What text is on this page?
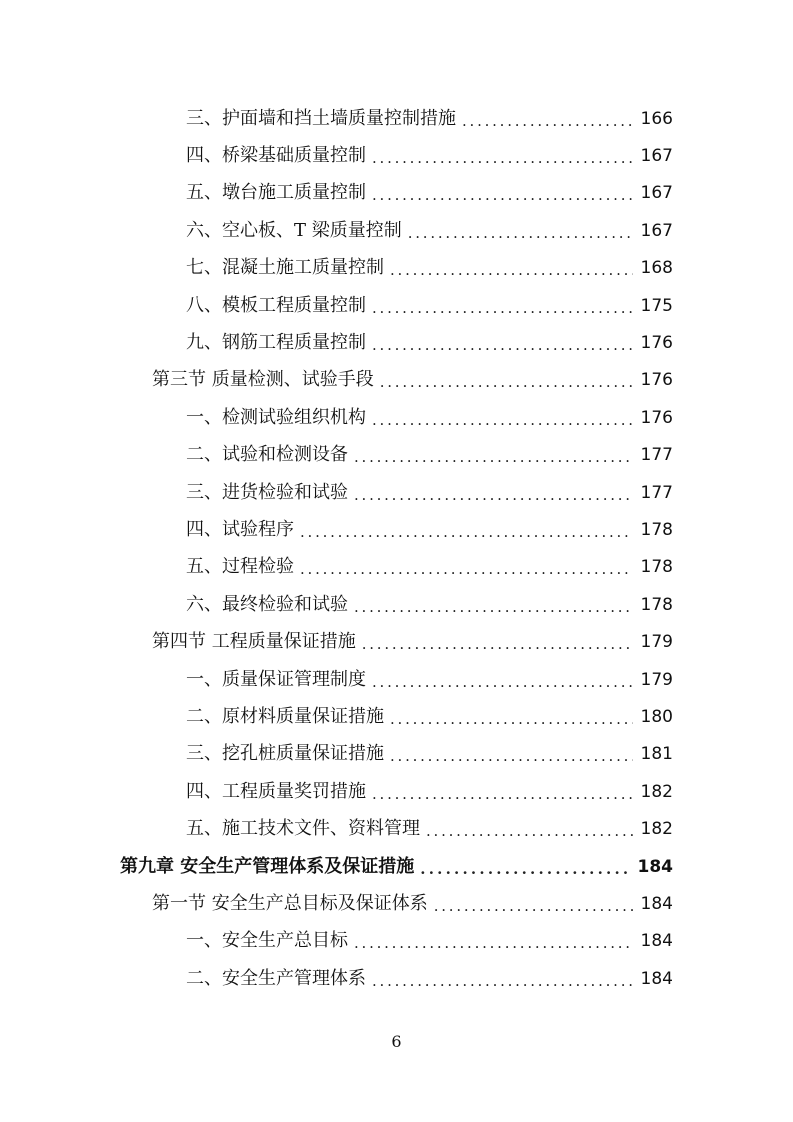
三、护面墙和挡土墙质量控制措施 . . .	166
四、桥梁基础质量控制 . . .	167
五、墩台施工质量控制 . . .	167
六、空心板、T 梁质量控制 . . .	167
七、混凝土施工质量控制 . . .	168
八、模板工程质量控制 . . .	175
九、钢筋工程质量控制 . . .	176
第三节 质量检测、试验手段 . . .	176
一、检测试验组织机构 . . .	176
二、试验和检测设备 . . .	177
三、进货检验和试验 . . .	177
四、试验程序 . . .	178
五、过程检验 . . .	178
六、最终检验和试验 . . .	178
第四节 工程质量保证措施 . . .	179
一、质量保证管理制度 . . .	179
二、原材料质量保证措施 . . .	180
三、挖孔桩质量保证措施 . . .	181
四、工程质量奖罚措施 . . .	182
五、施工技术文件、资料管理 . . .	182
第九章 安全生产管理体系及保证措施 . . .	184
第一节 安全生产总目标及保证体系 . . .	184
一、安全生产总目标 . . .	184
二、安全生产管理体系 . . .	184
6
